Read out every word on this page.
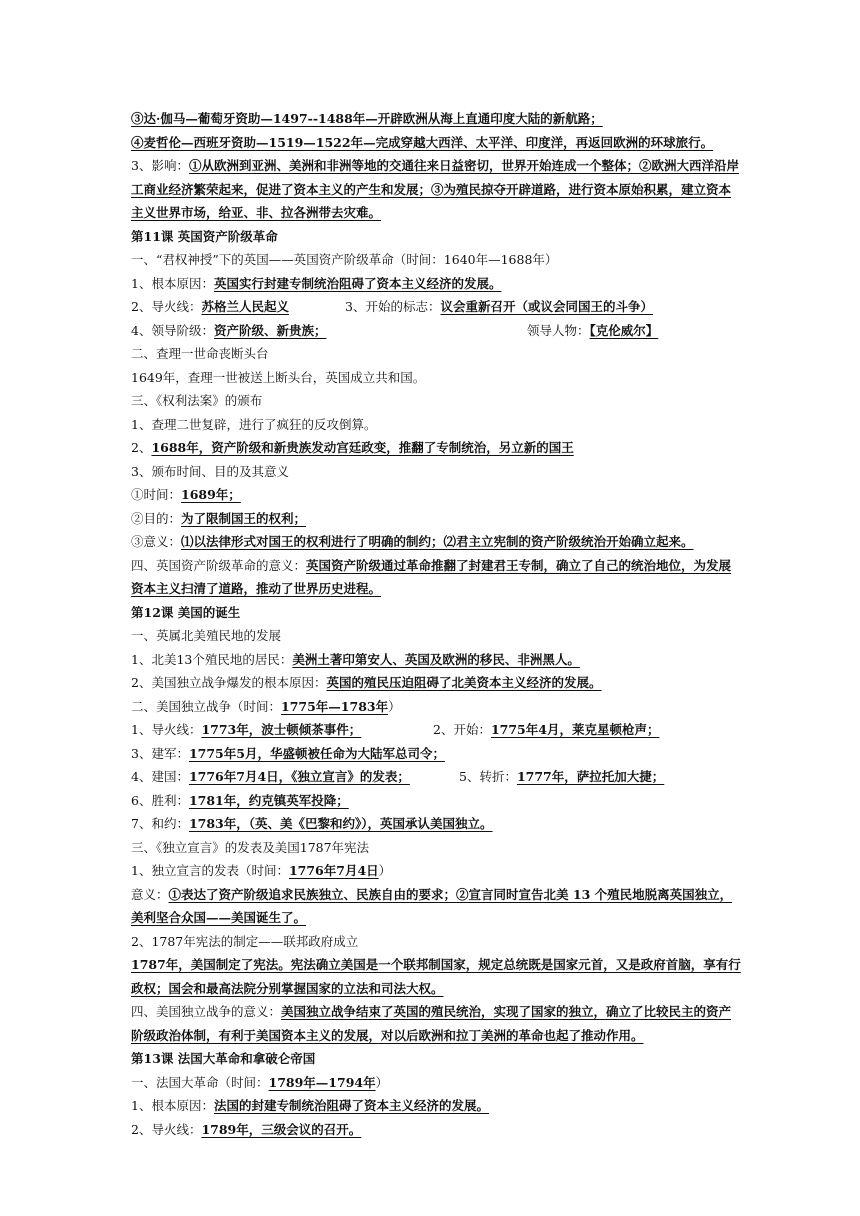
③达·伽马—葡萄牙资助—1497--1488年—开辟欧洲从海上直通印度大陆的新航路；
④麦哲伦—西班牙资助—1519—1522年—完成穿越大西洋、太平洋、印度洋，再返回欧洲的环球旅行。
3、影响：①从欧洲到亚洲、美洲和非洲等地的交通往来日益密切，世界开始连成一个整体；②欧洲大西洋沿岸工商业经济繁荣起来，促进了资本主义的产生和发展；③为殖民掠夺开辟道路，进行资本原始积累，建立资本主义世界市场，给亚、非、拉各洲带去灾难。
第11课 英国资产阶级革命
一、“君权神授”下的英国——英国资产阶级革命（时间：1640年—1688年）
1、根本原因：英国实行封建专制统治阻碍了资本主义经济的发展。
2、导火线：苏格兰人民起义	3、开始的标志：议会重新召开（或议会同国王的斗争）
4、领导阶级：资产阶级、新贵族；	领导人物：【克伦威尔】
二、查理一世命丧断头台
1649年，查理一世被送上断头台，英国成立共和国。
三、《权利法案》的颁布
1、查理二世复辟，进行了疯狂的反攻倒算。
2、1688年，资产阶级和新贵族发动宫廷政变，推翻了专制统治，另立新的国王
3、颁布时间、目的及其意义
①时间：1689年；
②目的：为了限制国王的权利；
③意义：⑴以法律形式对国王的权利进行了明确的制约；⑵君主立宪制的资产阶级统治开始确立起来。
四、英国资产阶级革命的意义：英国资产阶级通过革命推翻了封建君王专制，确立了自己的统治地位，为发展资本主义扫清了道路，推动了世界历史进程。
第12课 美国的诞生
一、英属北美殖民地的发展
1、北美13个殖民地的居民：美洲土著印第安人、英国及欧洲的移民、非洲黑人。
2、美国独立战争爆发的根本原因：英国的殖民压迫阻碍了北美资本主义经济的发展。
二、美国独立战争（时间：1775年—1783年）
1、导火线：1773年，波士顿倾茶事件；	2、开始：1775年4月，莱克星顿枪声；
3、建军：1775年5月，华盛顿被任命为大陆军总司令；
4、建国：1776年7月4日，《独立宣言》的发表；	5、转折：1777年，萨拉托加大捷；
6、胜利：1781年，约克镇英军投降；
7、和约：1783年，（英、美《巴黎和约》），英国承认美国独立。
三、《独立宣言》的发表及美国1787年宪法
1、独立宣言的发表（时间：1776年7月4日）
意义：①表达了资产阶级追求民族独立、民族自由的要求；②宣言同时宣告北美 13 个殖民地脱离英国独立，美利坚合众国——美国诞生了。
2、1787年宪法的制定——联邦政府成立
1787年，美国制定了宪法。宪法确立美国是一个联邦制国家，规定总统既是国家元首，又是政府首脑，享有行政权；国会和最高法院分别掌握国家的立法和司法大权。
四、美国独立战争的意义：美国独立战争结束了英国的殖民统治，实现了国家的独立，确立了比较民主的资产阶级政治体制，有利于美国资本主义的发展，对以后欧洲和拉丁美洲的革命也起了推动作用。
第13课 法国大革命和拿破仑帝国
一、法国大革命（时间：1789年—1794年）
1、根本原因：法国的封建专制统治阻碍了资本主义经济的发展。
2、导火线：1789年，三级会议的召开。
